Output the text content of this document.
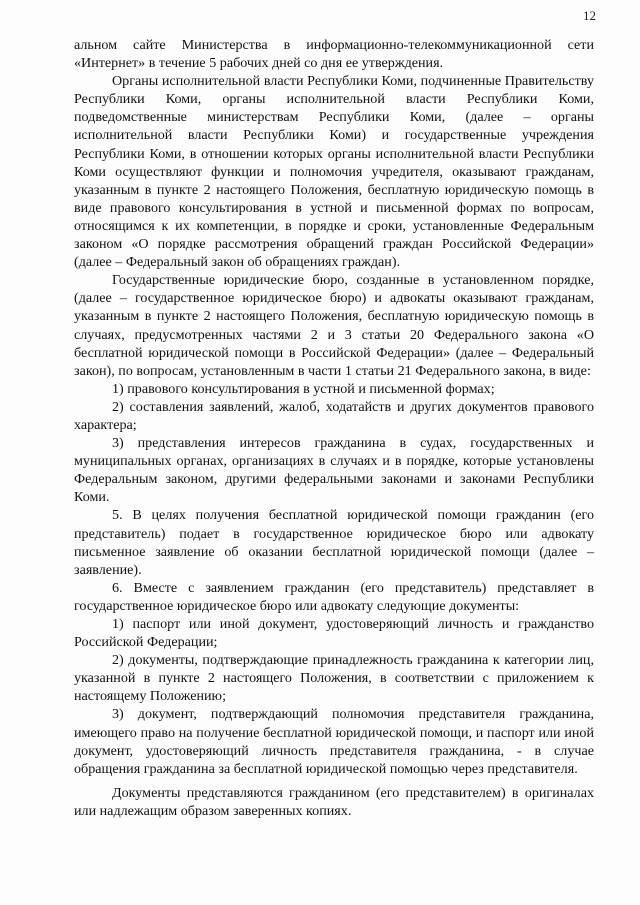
12

альном сайте Министерства в информационно-телекоммуникационной сети «Интернет» в течение 5 рабочих дней со дня ее утверждения.

Органы исполнительной власти Республики Коми, подчиненные Правительству Республики Коми, органы исполнительной власти Республики Коми, подведомственные министерствам Республики Коми, (далее – органы исполнительной власти Республики Коми) и государственные учреждения Республики Коми, в отношении которых органы исполнительной власти Республики Коми осуществляют функции и полномочия учредителя, оказывают гражданам, указанным в пункте 2 настоящего Положения, бесплатную юридическую помощь в виде правового консультирования в устной и письменной формах по вопросам, относящимся к их компетенции, в порядке и сроки, установленные Федеральным законом «О порядке рассмотрения обращений граждан Российской Федерации» (далее – Федеральный закон об обращениях граждан).

Государственные юридические бюро, созданные в установленном порядке, (далее – государственное юридическое бюро) и адвокаты оказывают гражданам, указанным в пункте 2 настоящего Положения, бесплатную юридическую помощь в случаях, предусмотренных частями 2 и 3 статьи 20 Федерального закона «О бесплатной юридической помощи в Российской Федерации» (далее – Федеральный закон), по вопросам, установленным в части 1 статьи 21 Федерального закона, в виде:

1) правового консультирования в устной и письменной формах;

2) составления заявлений, жалоб, ходатайств и других документов правового характера;

3) представления интересов гражданина в судах, государственных и муниципальных органах, организациях в случаях и в порядке, которые установлены Федеральным законом, другими федеральными законами и законами Республики Коми.

5. В целях получения бесплатной юридической помощи гражданин (его представитель) подает в государственное юридическое бюро или адвокату письменное заявление об оказании бесплатной юридической помощи (далее – заявление).

6. Вместе с заявлением гражданин (его представитель) представляет в государственное юридическое бюро или адвокату следующие документы:

1) паспорт или иной документ, удостоверяющий личность и гражданство Российской Федерации;

2) документы, подтверждающие принадлежность гражданина к категории лиц, указанной в пункте 2 настоящего Положения, в соответствии с приложением к настоящему Положению;

3) документ, подтверждающий полномочия представителя гражданина, имеющего право на получение бесплатной юридической помощи, и паспорт или иной документ, удостоверяющий личность представителя гражданина, - в случае обращения гражданина за бесплатной юридической помощью через представителя.

Документы представляются гражданином (его представителем) в оригиналах или надлежащим образом заверенных копиях.
